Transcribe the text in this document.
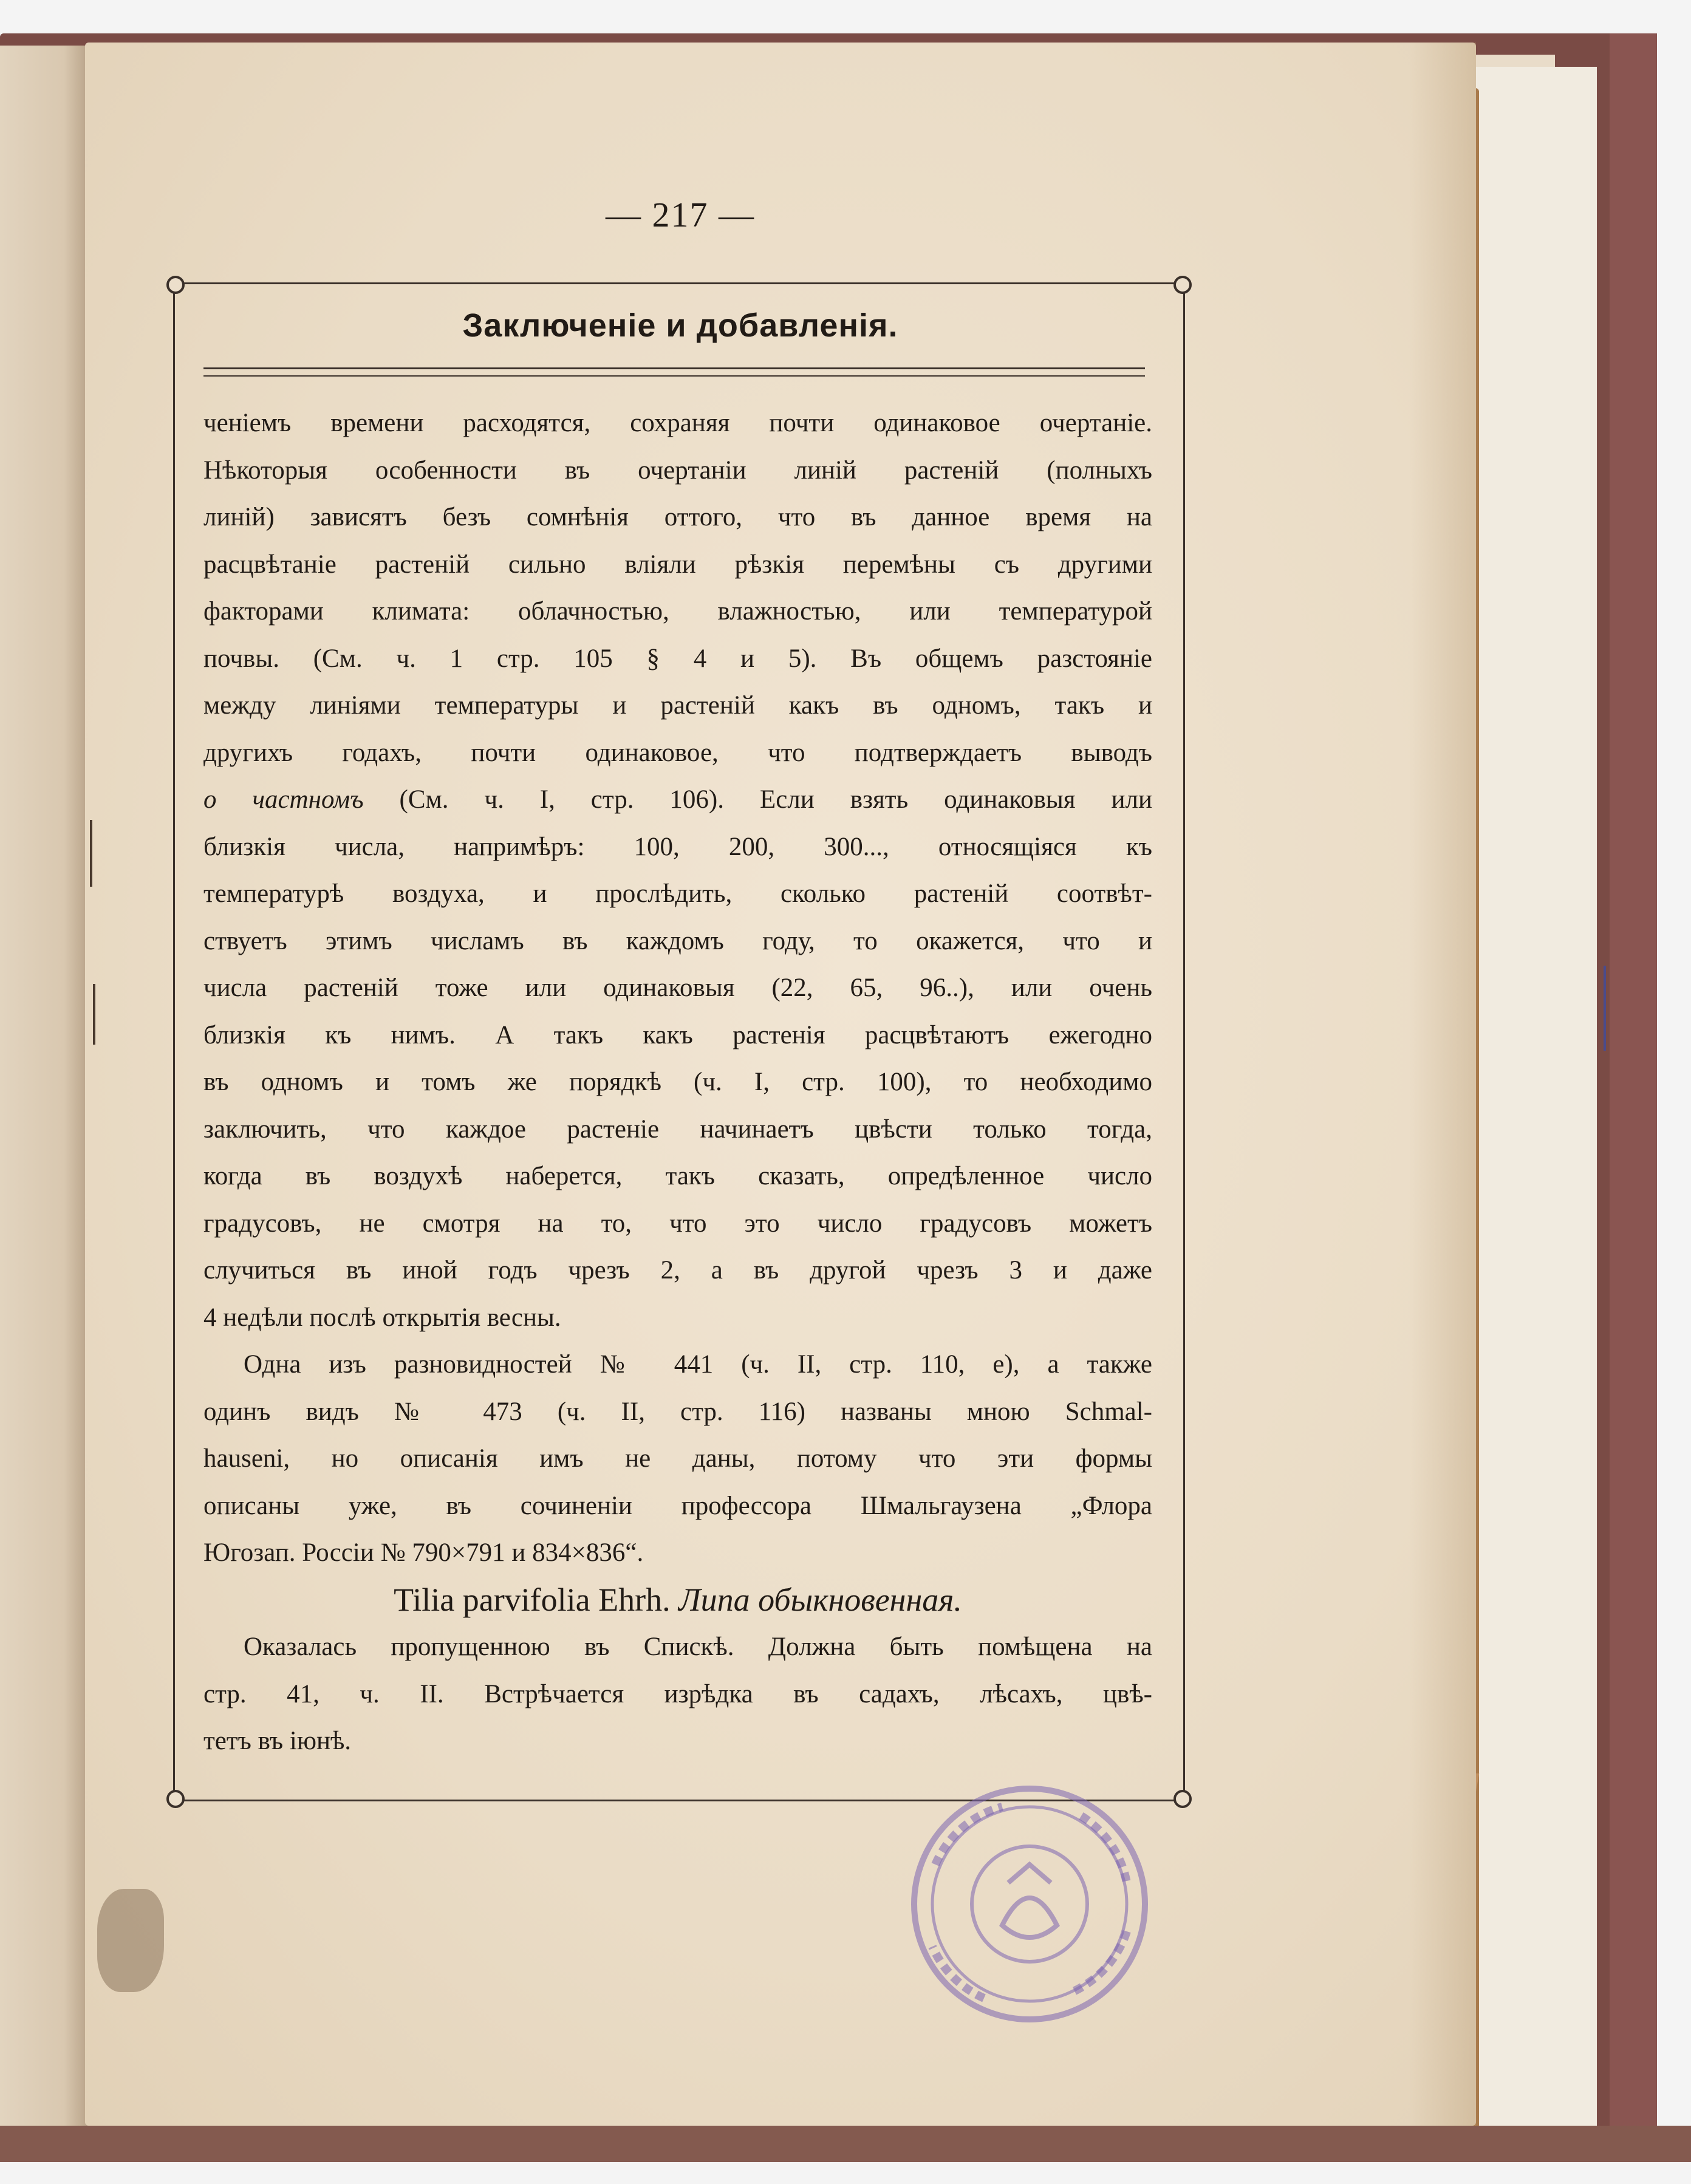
— 217 —
Заключеніе и добавленія.
ченіемъ времени расходятся, сохраняя почти одинаковое очертаніе.
Нѣкоторыя особенности въ очертаніи линій растеній (полныхъ
линій) зависятъ безъ сомнѣнія оттого, что въ данное время на
расцвѣтаніе растеній сильно вліяли рѣзкія перемѣны съ другими
факторами климата: облачностью, влажностью, или температурой
почвы. (См. ч. 1 стр. 105 § 4 и 5). Въ общемъ разстояніе
между линіями температуры и растеній какъ въ одномъ, такъ и
другихъ годахъ, почти одинаковое, что подтверждаетъ выводъ
о частномъ (См. ч. I, стр. 106). Если взять одинаковыя или
близкія числа, напримѣръ: 100, 200, 300..., относящіяся къ
температурѣ воздуха, и прослѣдить, сколько растеній соотвѣт-
ствуетъ этимъ числамъ въ каждомъ году, то окажется, что и
числа растеній тоже или одинаковыя (22, 65, 96..), или очень
близкія къ нимъ. А такъ какъ растенія расцвѣтаютъ ежегодно
въ одномъ и томъ же порядкѣ (ч. I, стр. 100), то необходимо
заключить, что каждое растеніе начинаетъ цвѣсти только тогда,
когда въ воздухѣ наберется, такъ сказать, опредѣленное число
градусовъ, не смотря на то, что это число градусовъ можетъ
случиться въ иной годъ чрезъ 2, а въ другой чрезъ 3 и даже
4 недѣли послѣ открытія весны.
Одна изъ разновидностей № 441 (ч. II, стр. 110, e), а также
одинъ видъ № 473 (ч. II, стр. 116) названы мною Schmal-
hauseni, но описанія имъ не даны, потому что эти формы
описаны уже, въ сочиненіи профессора Шмальгаузена „Флора
Югозап. Россіи № 790×791 и 834×836“.
Tilia parvifolia Ehrh. Липа обыкновенная.
Оказалась пропущенною въ Спискѣ. Должна быть помѣщена на
стр. 41, ч. II. Встрѣчается изрѣдка въ садахъ, лѣсахъ, цвѣ-
тетъ въ іюнѣ.
